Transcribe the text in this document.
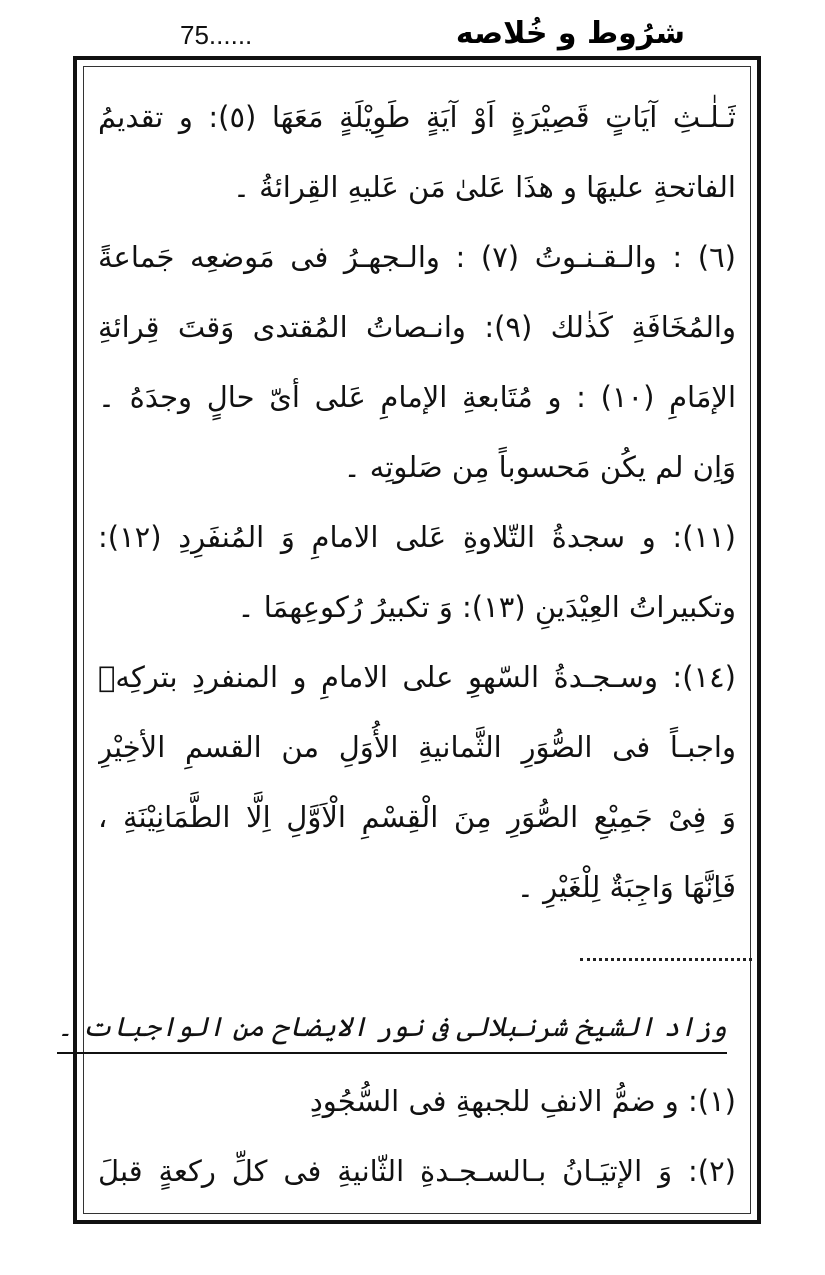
75......	شرُوط و خُلاصه
ثَـلٰـثِ آيَاتٍ قَصِيْرَةٍ اَوْ آيَةٍ طَوِيْلَةٍ مَعَهَا (٥): و تقديمُ
الفاتحةِ عليهَا و هذَا عَلىٰ مَن عَليهِ القِرائةُ ۔
(٦) : والـقـنـوتُ (٧) : والـجهـرُ فى مَوضعِه جَماعةً
والمُخَافَةِ كَذٰلك (٩): وانـصاتُ المُقتدى وَقتَ قِرائةِ
الإمَامِ (١٠) : و مُتَابعةِ الإمامِ عَلى أىّ حالٍ وجدَهُ ۔
وَاِن لم يكُن مَحسوباً مِن صَلوتِه ۔
(١١): و سجدةُ التّلاوةِ عَلى الامامِ وَ المُنفَرِدِ (١٢):
وتكبيراتُ العِيْدَينِ (١٣): وَ تكبيرُ رُكوعِهمَا ۔
(١٤): وسـجـدةُ السّهوِ على الامامِ و المنفردِ بتركِهٖ
واجبـاً فى الصُّوَرِ الثَّمانيةِ الأُوَلِ من القسمِ الأخِيْرِ
وَ فِىْ جَمِيْعِ الصُّوَرِ مِنَ الْقِسْمِ الْاَوَّلِ اِلَّا الطَّمَانِيْنَةِ ،
فَاِنَّهَا وَاجِبَةٌ لِلْغَيْرِ ۔
وزاد الشیخ شرنبلالی فی نور الایضاح من الواجبات ۔
(١): و ضمُّ الانفِ للجبهةِ فى السُّجُودِ
(٢): وَ الإتيَـانُ بـالسـجـدةِ الثّانيةِ فى كلِّ ركعةٍ قبلَ
